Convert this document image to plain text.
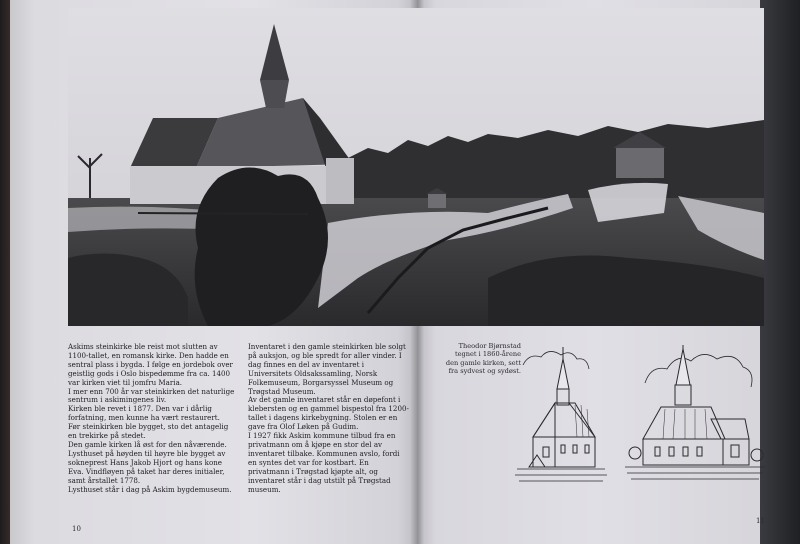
Askims steinkirke ble reist mot slutten av 1100-tallet, en romansk kirke. Den hadde en sentral plass i bygda. I følge en jordebok over geistlig gods i Oslo bispedømme fra ca. 1400 var kirken viet til jomfru Maria.

I mer enn 700 år var steinkirken det naturlige sentrum i askimingenes liv.

Kirken ble revet i 1877. Den var i dårlig forfatning, men kunne ha vært restaurert.

Før steinkirken ble bygget, sto det antagelig en trekirke på stedet.

Den gamle kirken lå øst for den nåværende.

Lysthuset på høyden til høyre ble bygget av sokneprest Hans Jakob Hjort og hans kone Eva. Vindfløyen på taket har deres initialer, samt årstallet 1778.

Lysthuset står i dag på Askim bygdemuseum.

Inventaret i den gamle steinkirken ble solgt på auksjon, og ble spredt for aller vinder. I dag finnes en del av inventaret i Universitets Oldsakssamling, Norsk Folkemuseum, Borgarsyssel Museum og Trøgstad Museum.

Av det gamle inventaret står en døpefont i klebersten og en gammel bispestol fra 1200-tallet i dagens kirkebygning. Stolen er en gave fra Olof Løken på Gudim.

I 1927 fikk Askim kommune tilbud fra en privatmann om å kjøpe en stor del av inventaret tilbake. Kommunen avslo, fordi en syntes det var for kostbart. En privatmann i Trøgstad kjøpte alt, og inventaret står i dag utstilt på Trøgstad museum.

Theodor Bjørnstad tegnet i 1860-årene den gamle kirken, sett fra sydvest og sydøst.
10
11
